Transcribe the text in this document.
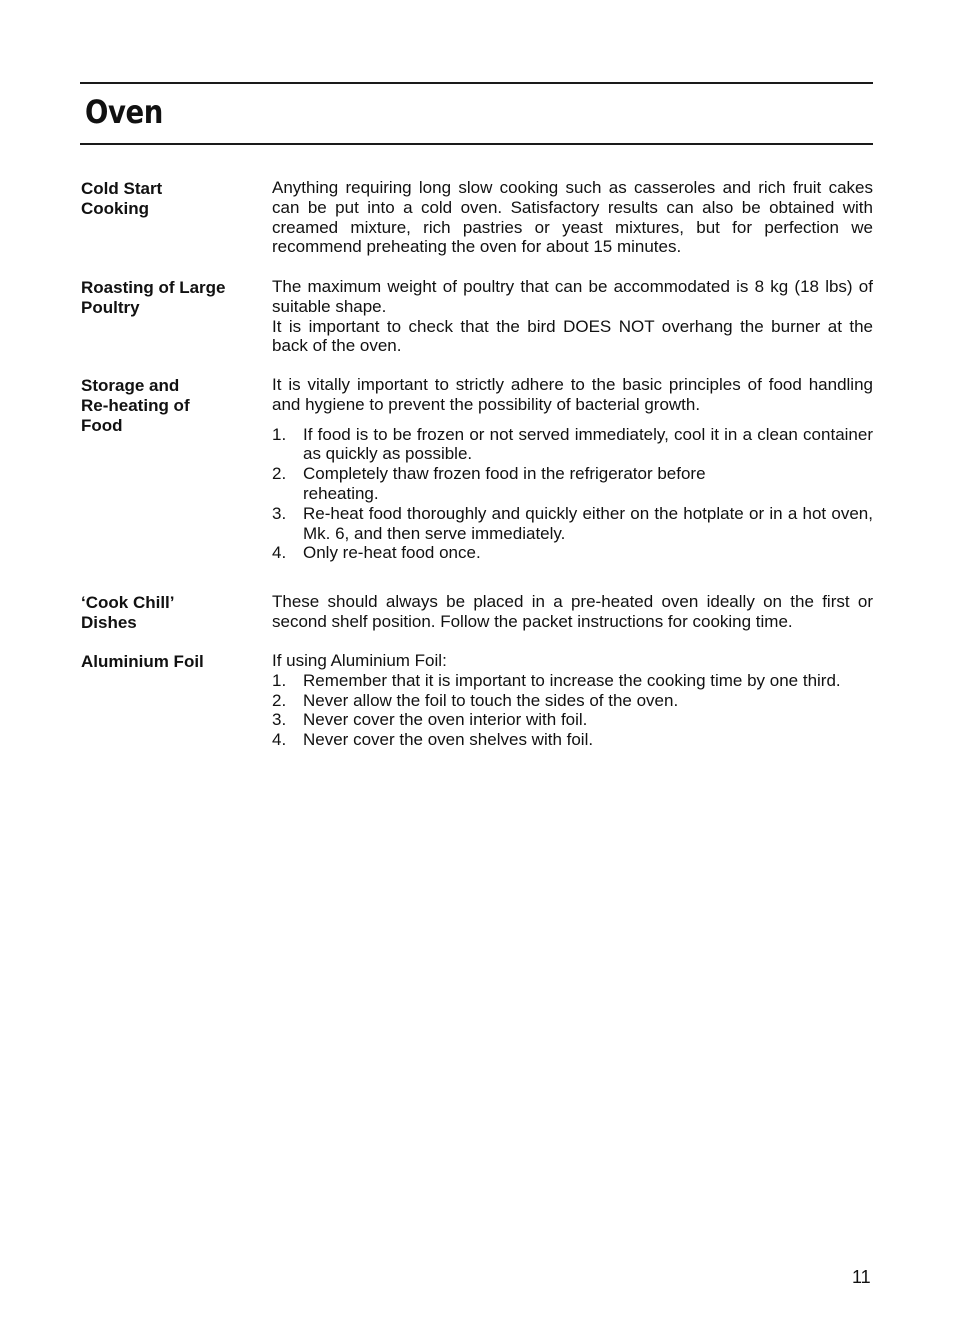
Oven
Cold Start
Cooking

Anything requiring long slow cooking such as casseroles and rich fruit cakes can be put into a cold oven. Satisfactory results can also be obtained with creamed mixture, rich pastries or yeast mixtures, but for perfection we recommend preheating the oven for about 15 minutes.

Roasting of Large
Poultry

The maximum weight of poultry that can be accommodated is 8 kg (18 lbs) of suitable shape.

It is important to check that the bird DOES NOT overhang the burner at the back of the oven.

Storage and
Re-heating of
Food

It is vitally important to strictly adhere to the basic principles of food handling and hygiene to prevent the possibility of bacterial growth.

1. If food is to be frozen or not served immediately, cool it in a clean container as quickly as possible.
2. Completely thaw frozen food in the refrigerator before reheating.
3. Re-heat food thoroughly and quickly either on the hotplate or in a hot oven, Mk. 6, and then serve immediately.
4. Only re-heat food once.
‘Cook Chill’
Dishes

These should always be placed in a pre-heated oven ideally on the first or second shelf position. Follow the packet instructions for cooking time.

Aluminium Foil	If using Aluminium Foil:

1. Remember that it is important to increase the cooking time by one third.
2. Never allow the foil to touch the sides of the oven.
3. Never cover the oven interior with foil.
4. Never cover the oven shelves with foil.
11
